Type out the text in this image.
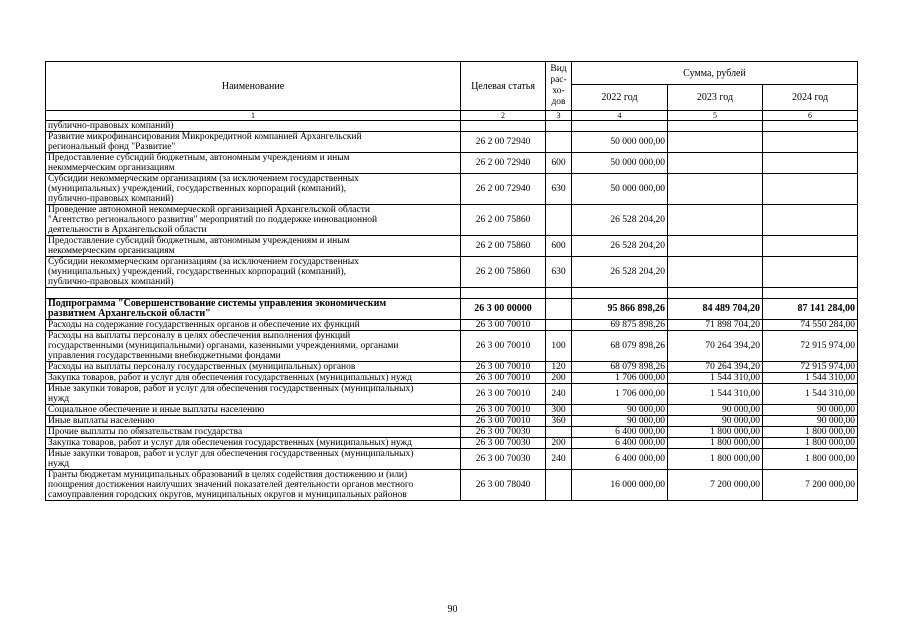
Наименование	Целевая статья	Вид
рас-
хо-
дов	Сумма, рублей		
			2022 год	2023 год	2024 год
1	2	3	4	5	6

публично-правовых компаний)					

Развитие микрофинансирования Микрокредитной компанией Архангельский
региональный фонд "Развитие"	26 2 00 72940		50 000 000,00		

Предоставление субсидий бюджетным, автономным учреждениям и иным
некоммерческим организациям	26 2 00 72940	600	50 000 000,00		

Субсидии некоммерческим организациям (за исключением государственных
(муниципальных) учреждений, государственных корпораций (компаний),
публично-правовых компаний)	26 2 00 72940	630	50 000 000,00		

Проведение автономной некоммерческой организацией Архангельской области
"Агентство регионального развития" мероприятий по поддержке инновационной
деятельности в Архангельской области	26 2 00 75860		26 528 204,20		

Предоставление субсидий бюджетным, автономным учреждениям и иным
некоммерческим организациям	26 2 00 75860	600	26 528 204,20		

Субсидии некоммерческим организациям (за исключением государственных
(муниципальных) учреждений, государственных корпораций (компаний),
публично-правовых компаний)	26 2 00 75860	630	26 528 204,20		

Подпрограмма "Совершенствование системы управления экономическим
развитием Архангельской области"	26 3 00 00000		95 866 898,26	84 489 704,20	87 141 284,00

Расходы на содержание государственных органов и обеспечение их функций	26 3 00 70010		69 875 898,26	71 898 704,20	74 550 284,00

Расходы на выплаты персоналу в целях обеспечения выполнения функций
государственными (муниципальными) органами, казенными учреждениями, органами
управления государственными внебюджетными фондами	26 3 00 70010	100	68 079 898,26	70 264 394,20	72 915 974,00

Расходы на выплаты персоналу государственных (муниципальных) органов	26 3 00 70010	120	68 079 898,26	70 264 394,20	72 915 974,00

Закупка товаров, работ и услуг для обеспечения государственных (муниципальных) нужд	26 3 00 70010	200	1 706 000,00	1 544 310,00	1 544 310,00

Иные закупки товаров, работ и услуг для обеспечения государственных (муниципальных)
нужд	26 3 00 70010	240	1 706 000,00	1 544 310,00	1 544 310,00

Социальное обеспечение и иные выплаты населению	26 3 00 70010	300	90 000,00	90 000,00	90 000,00

Иные выплаты населению	26 3 00 70010	360	90 000,00	90 000,00	90 000,00

Прочие выплаты по обязательствам государства	26 3 00 70030		6 400 000,00	1 800 000,00	1 800 000,00

Закупка товаров, работ и услуг для обеспечения государственных (муниципальных) нужд	26 3 00 70030	200	6 400 000,00	1 800 000,00	1 800 000,00

Иные закупки товаров, работ и услуг для обеспечения государственных (муниципальных)
нужд	26 3 00 70030	240	6 400 000,00	1 800 000,00	1 800 000,00

Гранты бюджетам муниципальных образований в целях содействия достижению и (или)
поощрения достижения наилучших значений показателей деятельности органов местного
самоуправления городских округов, муниципальных округов и муниципальных районов	26 3 00 78040		16 000 000,00	7 200 000,00	7 200 000,00
90
